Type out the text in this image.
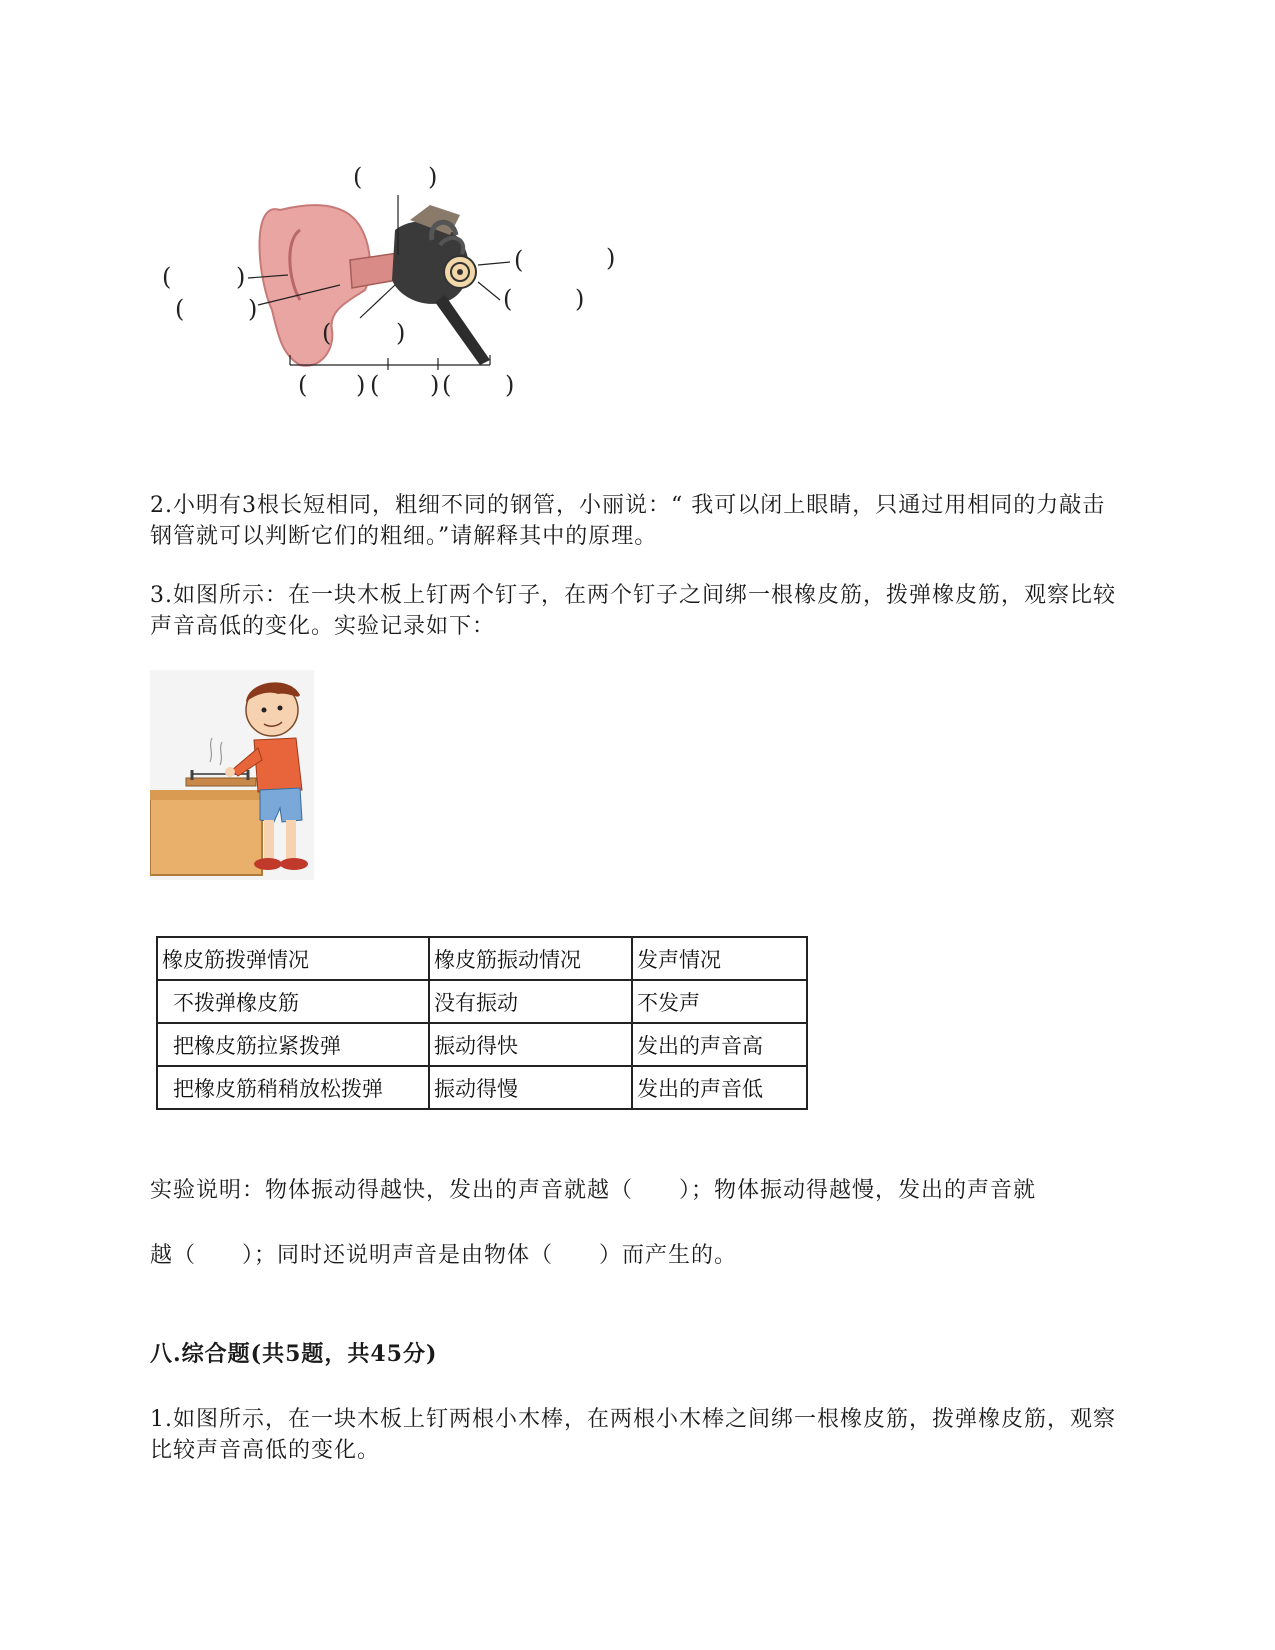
(	)
(	)
(	)
(	)
(	)
(	)
( ) ( ) ( )

2.小明有3根长短相同，粗细不同的钢管，小丽说：“ 我可以闭上眼睛，只通过用相同的力敲击钢管就可以判断它们的粗细。”请解释其中的原理。

3.如图所示：在一块木板上钉两个钉子，在两个钉子之间绑一根橡皮筋，拨弹橡皮筋，观察比较声音高低的变化。实验记录如下：

橡皮筋拨弹情况	橡皮筋振动情况	发声情况
不拨弹橡皮筋	没有振动	不发声
把橡皮筋拉紧拨弹	振动得快	发出的声音高
把橡皮筋稍稍放松拨弹	振动得慢	发出的声音低

实验说明：物体振动得越快，发出的声音就越（　　）；物体振动得越慢，发出的声音就

越（　　）；同时还说明声音是由物体（　　）而产生的。

八.综合题(共5题，共45分)

1.如图所示，在一块木板上钉两根小木棒，在两根小木棒之间绑一根橡皮筋，拨弹橡皮筋，观察比较声音高低的变化。
